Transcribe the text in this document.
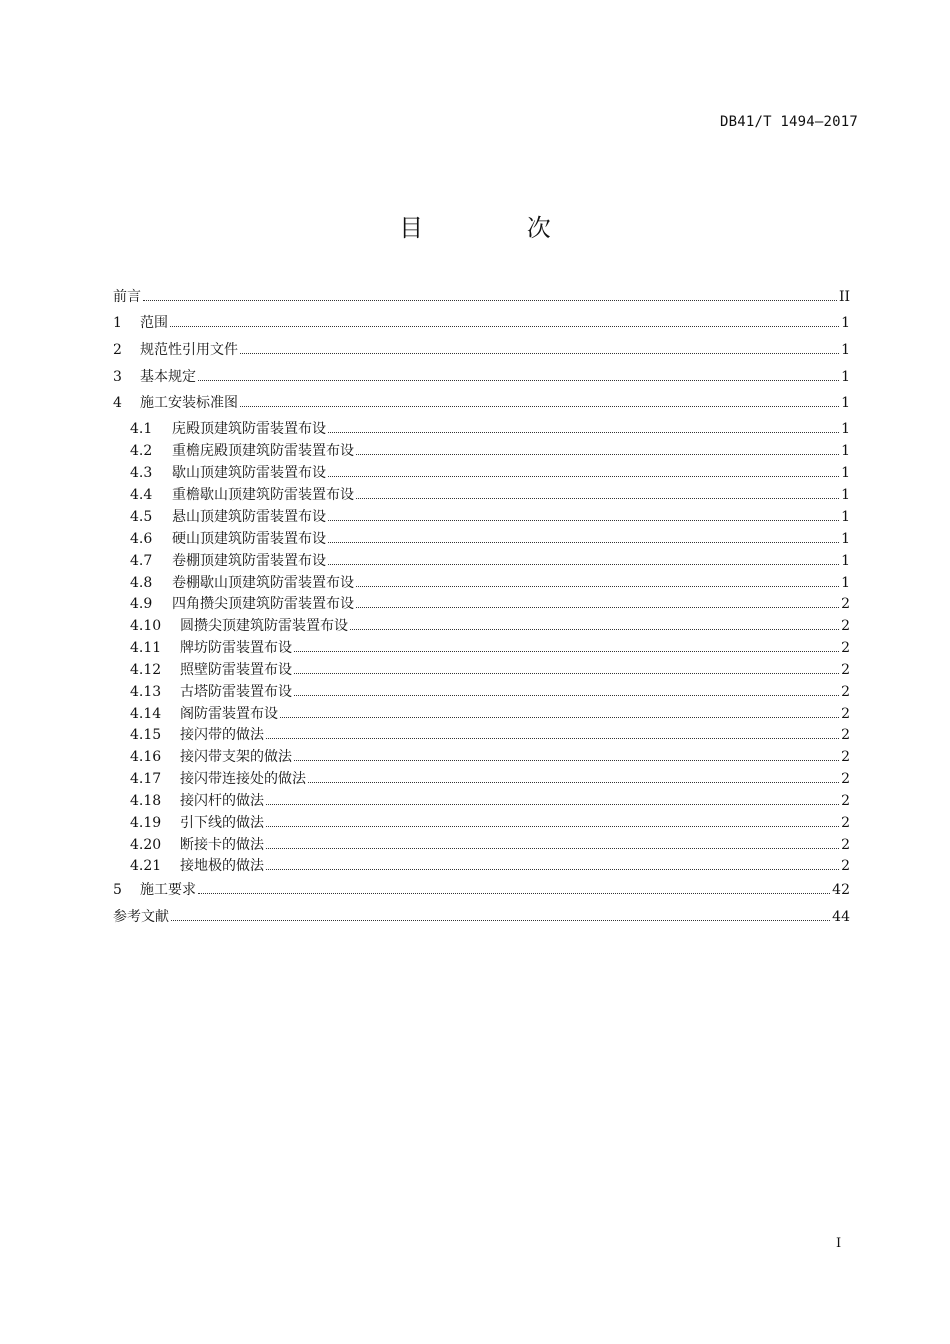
DB41/T 1494—2017
目 次
前言	II
1	范围	1
2	规范性引用文件	1
3	基本规定	1
4	施工安装标准图	1
4.1	庑殿顶建筑防雷装置布设	1
4.2	重檐庑殿顶建筑防雷装置布设	1
4.3	歇山顶建筑防雷装置布设	1
4.4	重檐歇山顶建筑防雷装置布设	1
4.5	悬山顶建筑防雷装置布设	1
4.6	硬山顶建筑防雷装置布设	1
4.7	卷棚顶建筑防雷装置布设	1
4.8	卷棚歇山顶建筑防雷装置布设	1
4.9	四角攒尖顶建筑防雷装置布设	2
4.10	圆攒尖顶建筑防雷装置布设	2
4.11	牌坊防雷装置布设	2
4.12	照壁防雷装置布设	2
4.13	古塔防雷装置布设	2
4.14	阁防雷装置布设	2
4.15	接闪带的做法	2
4.16	接闪带支架的做法	2
4.17	接闪带连接处的做法	2
4.18	接闪杆的做法	2
4.19	引下线的做法	2
4.20	断接卡的做法	2
4.21	接地极的做法	2
5	施工要求	42
参考文献	44
I
